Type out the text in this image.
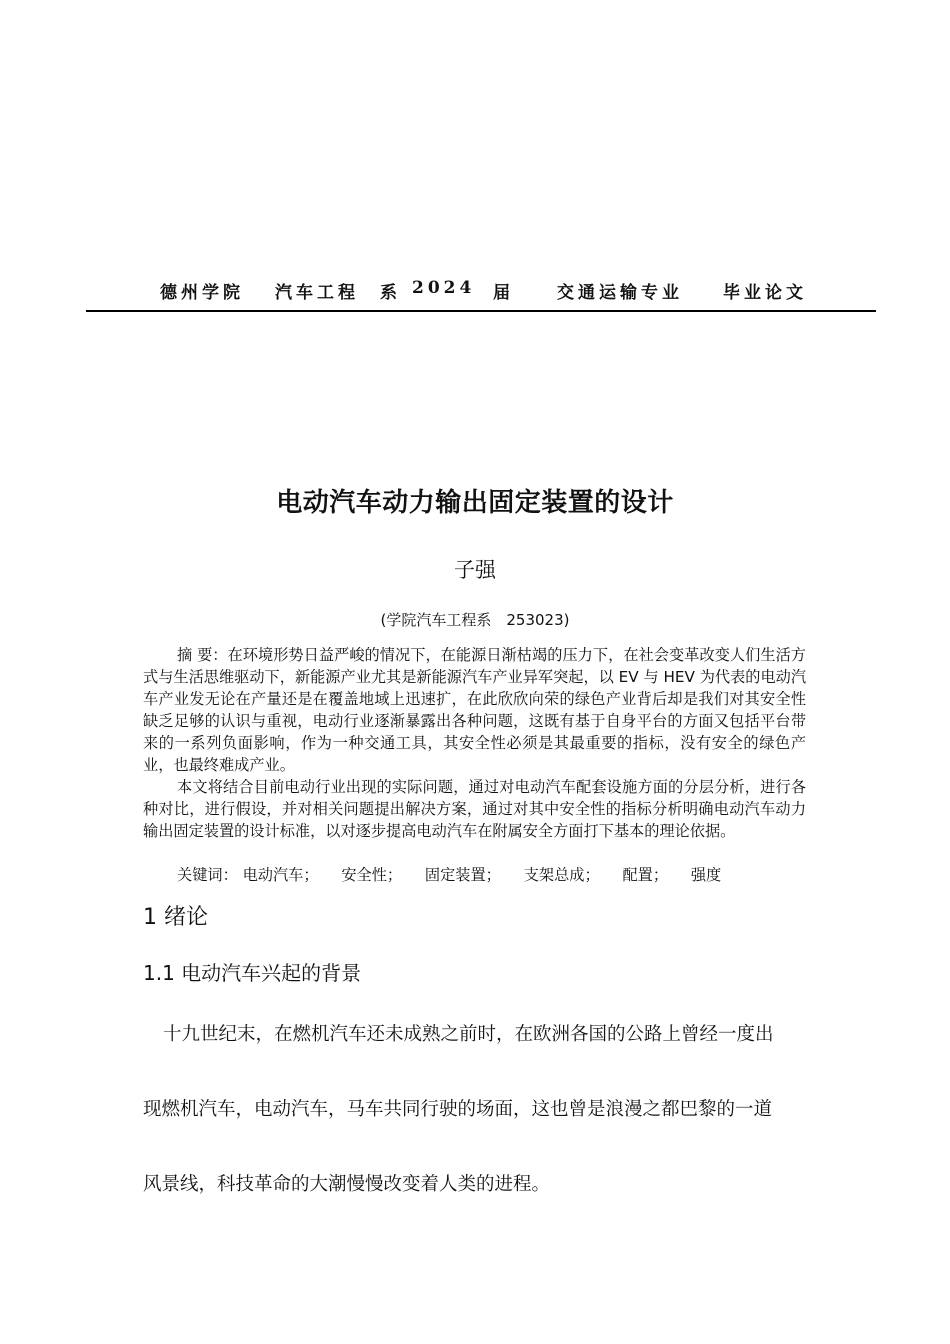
德州学院 汽车工程 系 2024 届	交通运输专业 毕业论文
电动汽车动力输出固定装置的设计
子强
(学院汽车工程系　253023)

摘 要：在环境形势日益严峻的情况下，在能源日渐枯竭的压力下，在社会变革改变人们生活方式与生活思维驱动下，新能源产业尤其是新能源汽车产业异军突起，以 EV 与 HEV 为代表的电动汽车产业发无论在产量还是在覆盖地域上迅速扩，在此欣欣向荣的绿色产业背后却是我们对其安全性缺乏足够的认识与重视，电动行业逐渐暴露出各种问题，这既有基于自身平台的方面又包括平台带来的一系列负面影响，作为一种交通工具，其安全性必须是其最重要的指标，没有安全的绿色产业，也最终难成产业。

本文将结合目前电动行业出现的实际问题，通过对电动汽车配套设施方面的分层分析，进行各种对比，进行假设，并对相关问题提出解决方案，通过对其中安全性的指标分析明确电动汽车动力输出固定装置的设计标准，以对逐步提高电动汽车在附属安全方面打下基本的理论依据。

关键词： 电动汽车； 安全性； 固定装置； 支架总成； 配置； 强度
1 绪论
1.1 电动汽车兴起的背景
十九世纪末，在燃机汽车还未成熟之前时，在欧洲各国的公路上曾经一度出
现燃机汽车，电动汽车，马车共同行驶的场面，这也曾是浪漫之都巴黎的一道
风景线，科技革命的大潮慢慢改变着人类的进程。
